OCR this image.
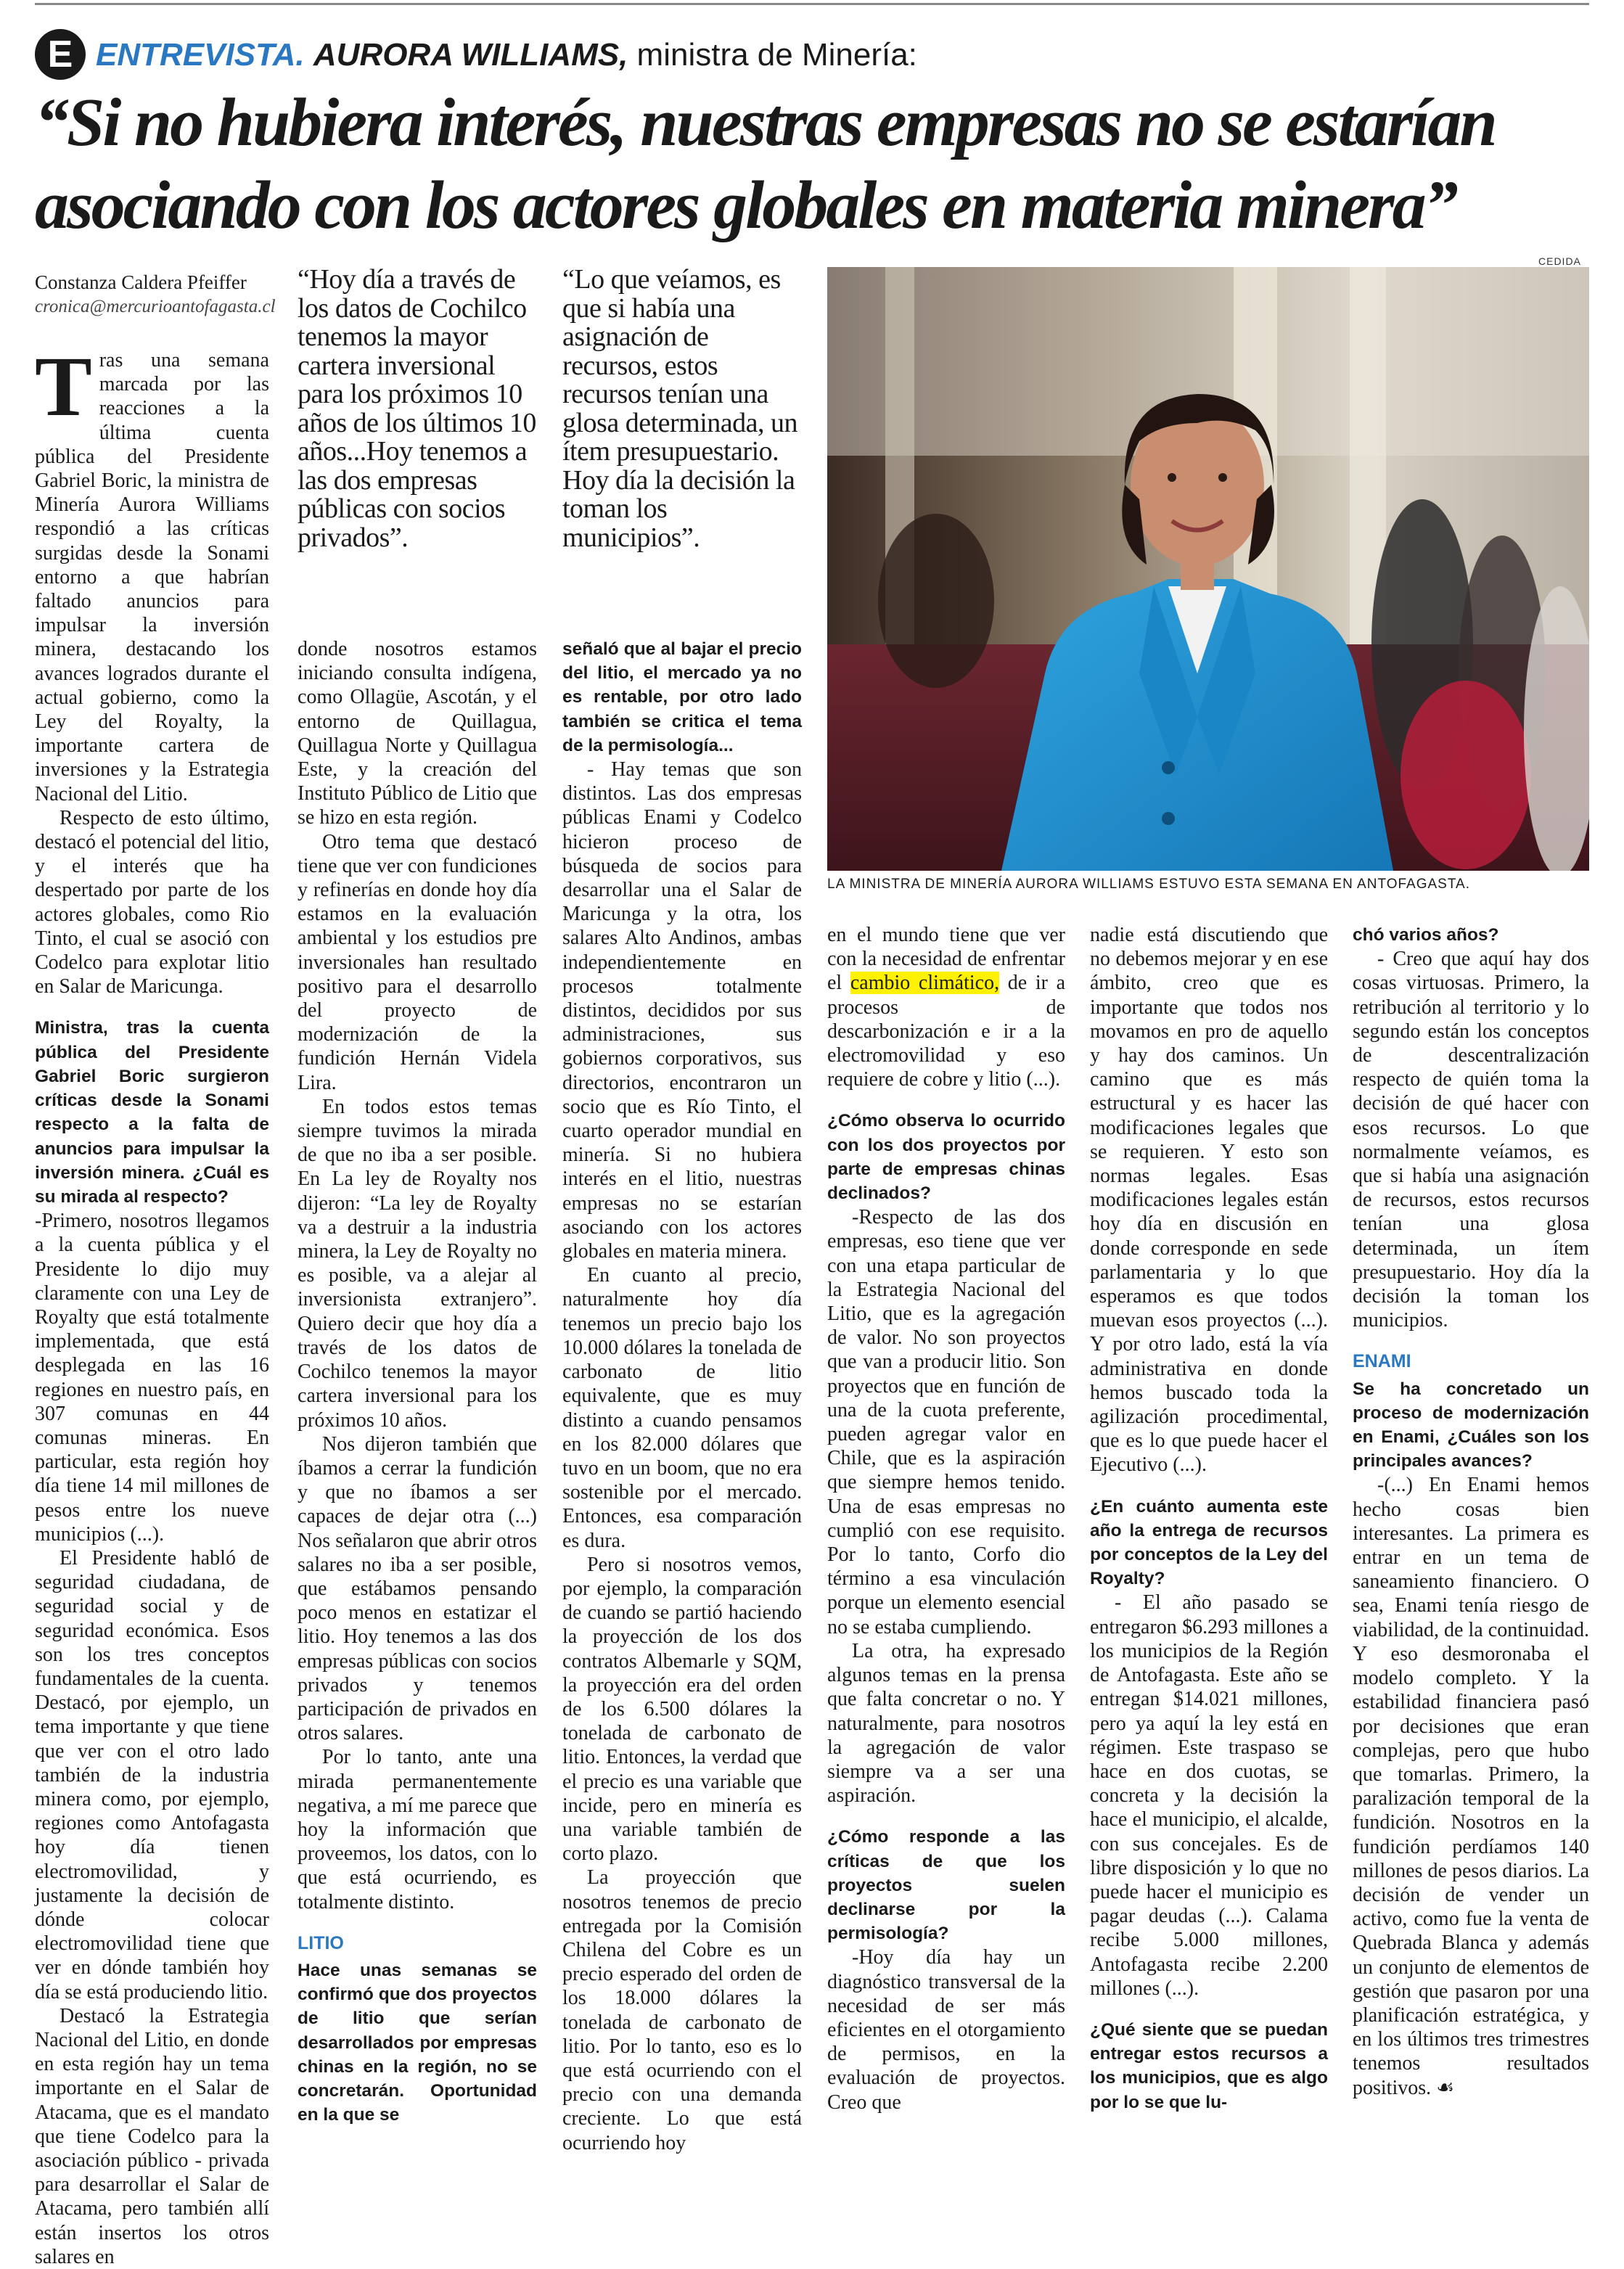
E ENTREVISTA. AURORA WILLIAMS, ministra de Minería:
“Si no hubiera interés, nuestras empresas no se estarían asociando con los actores globales en materia minera”
Constanza Caldera Pfeiffer
cronica@mercurioantofagasta.cl

Tras una semana marcada por las reacciones a la última cuenta pública del Presidente Gabriel Boric, la ministra de Minería Aurora Williams respondió a las críticas surgidas desde la Sonami entorno a que habrían faltado anuncios para impulsar la inversión minera, destacando los avances logrados durante el actual gobierno, como la Ley del Royalty, la importante cartera de inversiones y la Estrategia Nacional del Litio.

Respecto de esto último, destacó el potencial del litio, y el interés que ha despertado por parte de los actores globales, como Rio Tinto, el cual se asoció con Codelco para explotar litio en Salar de Maricunga.

Ministra, tras la cuenta pública del Presidente Gabriel Boric surgieron críticas desde la Sonami respecto a la falta de anuncios para impulsar la inversión minera. ¿Cuál es su mirada al respecto?

-Primero, nosotros llegamos a la cuenta pública y el Presidente lo dijo muy claramente con una Ley de Royalty que está totalmente implementada, que está desplegada en las 16 regiones en nuestro país, en 307 comunas en 44 comunas mineras. En particular, esta región hoy día tiene 14 mil millones de pesos entre los nueve municipios (...).

El Presidente habló de seguridad ciudadana, de seguridad social y de seguridad económica. Esos son los tres conceptos fundamentales de la cuenta. Destacó, por ejemplo, un tema importante y que tiene que ver con el otro lado también de la industria minera como, por ejemplo, regiones como Antofagasta hoy día tienen electromovilidad, y justamente la decisión de dónde colocar electromovilidad tiene que ver en dónde también hoy día se está produciendo litio.

Destacó la Estrategia Nacional del Litio, en donde en esta región hay un tema importante en el Salar de Atacama, que es el mandato que tiene Codelco para la asociación público - privada para desarrollar el Salar de Atacama, pero también allí están insertos los otros salares en

“Hoy día a través de los datos de Cochilco tenemos la mayor cartera inversional para los próximos 10 años de los últimos 10 años...Hoy tenemos a las dos empresas públicas con socios privados”.

donde nosotros estamos iniciando consulta indígena, como Ollagüe, Ascotán, y el entorno de Quillagua, Quillagua Norte y Quillagua Este, y la creación del Instituto Público de Litio que se hizo en esta región.

Otro tema que destacó tiene que ver con fundiciones y refinerías en donde hoy día estamos en la evaluación ambiental y los estudios pre inversionales han resultado positivo para el desarrollo del proyecto de modernización de la fundición Hernán Videla Lira.

En todos estos temas siempre tuvimos la mirada de que no iba a ser posible. En La ley de Royalty nos dijeron: “La ley de Royalty va a destruir a la industria minera, la Ley de Royalty no es posible, va a alejar al inversionista extranjero”. Quiero decir que hoy día a través de los datos de Cochilco tenemos la mayor cartera inversional para los próximos 10 años.

Nos dijeron también que íbamos a cerrar la fundición y que no íbamos a ser capaces de dejar otra (...) Nos señalaron que abrir otros salares no iba a ser posible, que estábamos pensando poco menos en estatizar el litio. Hoy tenemos a las dos empresas públicas con socios privados y tenemos participación de privados en otros salares.

Por lo tanto, ante una mirada permanentemente negativa, a mí me parece que hoy la información que proveemos, los datos, con lo que está ocurriendo, es totalmente distinto.

LITIO

Hace unas semanas se confirmó que dos proyectos de litio que serían desarrollados por empresas chinas en la región, no se concretarán. Oportunidad en la que se

“Lo que veíamos, es que si había una asignación de recursos, estos recursos tenían una glosa determinada, un ítem presupuestario. Hoy día la decisión la toman los municipios”.

señaló que al bajar el precio del litio, el mercado ya no es rentable, por otro lado también se critica el tema de la permisología...

- Hay temas que son distintos. Las dos empresas públicas Enami y Codelco hicieron proceso de búsqueda de socios para desarrollar una el Salar de Maricunga y la otra, los salares Alto Andinos, ambas independientemente en procesos totalmente distintos, decididos por sus administraciones, sus gobiernos corporativos, sus directorios, encontraron un socio que es Río Tinto, el cuarto operador mundial en minería. Si no hubiera interés en el litio, nuestras empresas no se estarían asociando con los actores globales en materia minera.

En cuanto al precio, naturalmente hoy día tenemos un precio bajo los 10.000 dólares la tonelada de carbonato de litio equivalente, que es muy distinto a cuando pensamos en los 82.000 dólares que tuvo en un boom, que no era sostenible por el mercado. Entonces, esa comparación es dura.

Pero si nosotros vemos, por ejemplo, la comparación de cuando se partió haciendo la proyección de los dos contratos Albemarle y SQM, la proyección era del orden de los 6.500 dólares la tonelada de carbonato de litio. Entonces, la verdad que el precio es una variable que incide, pero en minería es una variable también de corto plazo.

La proyección que nosotros tenemos de precio entregada por la Comisión Chilena del Cobre es un precio esperado del orden de los 18.000 dólares la tonelada de carbonato de litio. Por lo tanto, eso es lo que está ocurriendo con el precio con una demanda creciente. Lo que está ocurriendo hoy

CEDIDA
LA MINISTRA DE MINERÍA AURORA WILLIAMS ESTUVO ESTA SEMANA EN ANTOFAGASTA.

en el mundo tiene que ver con la necesidad de enfrentar el cambio climático, de ir a procesos de descarbonización e ir a la electromovilidad y eso requiere de cobre y litio (...).

¿Cómo observa lo ocurrido con los dos proyectos por parte de empresas chinas declinados?

-Respecto de las dos empresas, eso tiene que ver con una etapa particular de la Estrategia Nacional del Litio, que es la agregación de valor. No son proyectos que van a producir litio. Son proyectos que en función de una de la cuota preferente, pueden agregar valor en Chile, que es la aspiración que siempre hemos tenido. Una de esas empresas no cumplió con ese requisito. Por lo tanto, Corfo dio término a esa vinculación porque un elemento esencial no se estaba cumpliendo.

La otra, ha expresado algunos temas en la prensa que falta concretar o no. Y naturalmente, para nosotros la agregación de valor siempre va a ser una aspiración.

¿Cómo responde a las críticas de que los proyectos suelen declinarse por la permisología?

-Hoy día hay un diagnóstico transversal de la necesidad de ser más eficientes en el otorgamiento de permisos, en la evaluación de proyectos. Creo que

nadie está discutiendo que no debemos mejorar y en ese ámbito, creo que es importante que todos nos movamos en pro de aquello y hay dos caminos. Un camino que es más estructural y es hacer las modificaciones legales que se requieren. Y esto son normas legales. Esas modificaciones legales están hoy día en discusión en donde corresponde en sede parlamentaria y lo que esperamos es que todos muevan esos proyectos (...). Y por otro lado, está la vía administrativa en donde hemos buscado toda la agilización procedimental, que es lo que puede hacer el Ejecutivo (...).

¿En cuánto aumenta este año la entrega de recursos por conceptos de la Ley del Royalty?

- El año pasado se entregaron $6.293 millones a los municipios de la Región de Antofagasta. Este año se entregan $14.021 millones, pero ya aquí la ley está en régimen. Este traspaso se hace en dos cuotas, se concreta y la decisión la hace el municipio, el alcalde, con sus concejales. Es de libre disposición y lo que no puede hacer el municipio es pagar deudas (...). Calama recibe 5.000 millones, Antofagasta recibe 2.200 millones (...).

¿Qué siente que se puedan entregar estos recursos a los municipios, que es algo por lo se que lu-

chó varios años?

- Creo que aquí hay dos cosas virtuosas. Primero, la retribución al territorio y lo segundo están los conceptos de descentralización respecto de quién toma la decisión de qué hacer con esos recursos. Lo que normalmente veíamos, es que si había una asignación de recursos, estos recursos tenían una glosa determinada, un ítem presupuestario. Hoy día la decisión la toman los municipios.

ENAMI

Se ha concretado un proceso de modernización en Enami, ¿Cuáles son los principales avances?

-(...) En Enami hemos hecho cosas bien interesantes. La primera es entrar en un tema de saneamiento financiero. O sea, Enami tenía riesgo de viabilidad, de la continuidad. Y eso desmoronaba el modelo completo. Y la estabilidad financiera pasó por decisiones que eran complejas, pero que hubo que tomarlas. Primero, la paralización temporal de la fundición. Nosotros en la fundición perdíamos 140 millones de pesos diarios. La decisión de vender un activo, como fue la venta de Quebrada Blanca y además un conjunto de elementos de gestión que pasaron por una planificación estratégica, y en los últimos tres trimestres tenemos resultados positivos. ☙
